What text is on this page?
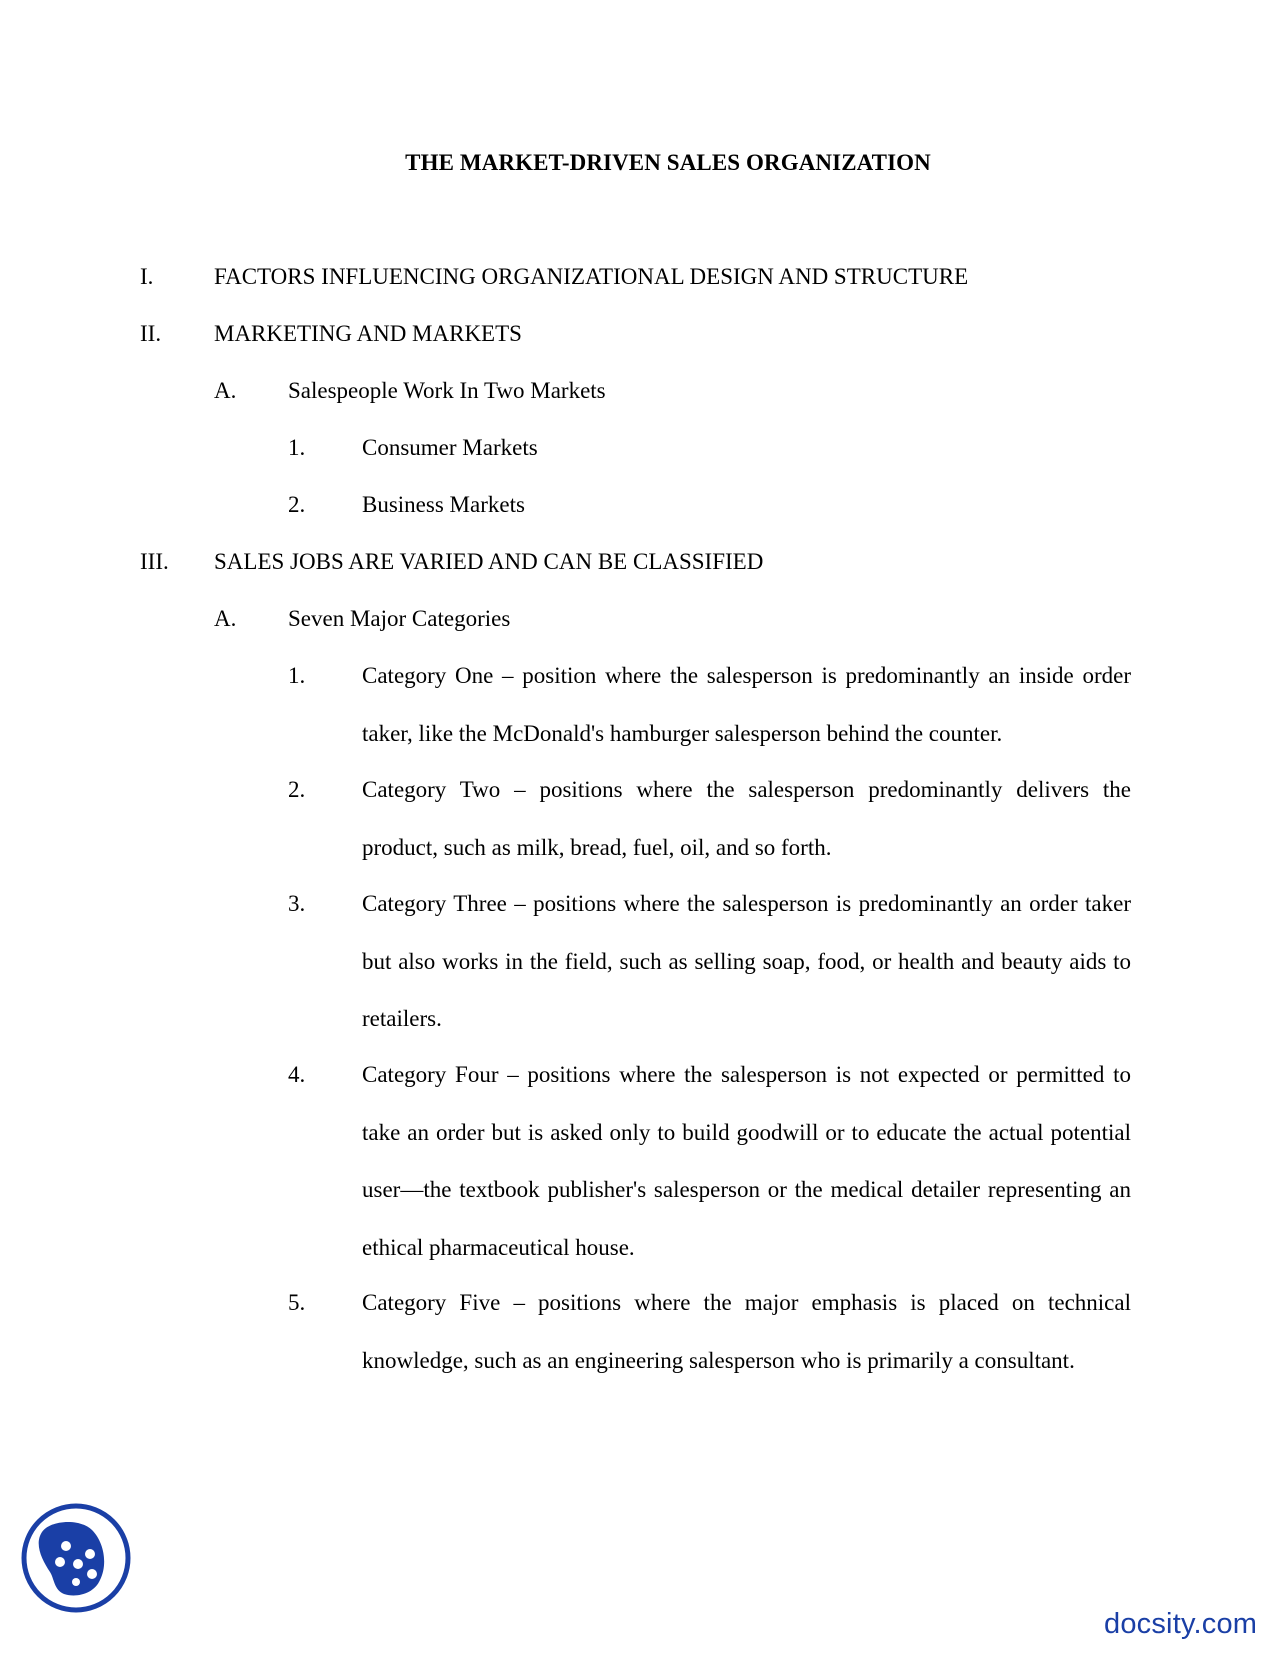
THE MARKET-DRIVEN SALES ORGANIZATION
I.	FACTORS INFLUENCING ORGANIZATIONAL DESIGN AND STRUCTURE
II. MARKETING AND MARKETS
A. Salespeople Work In Two Markets
1. Consumer Markets
2. Business Markets
III. SALES JOBS ARE VARIED AND CAN BE CLASSIFIED
A. Seven Major Categories
1. Category One – position where the salesperson is predominantly an inside order taker, like the McDonald's hamburger salesperson behind the counter.
2. Category Two – positions where the salesperson predominantly delivers the product, such as milk, bread, fuel, oil, and so forth.
3. Category Three – positions where the salesperson is predominantly an order taker but also works in the field, such as selling soap, food, or health and beauty aids to retailers.
4. Category Four – positions where the salesperson is not expected or permitted to take an order but is asked only to build goodwill or to educate the actual potential user—the textbook publisher's salesperson or the medical detailer representing an ethical pharmaceutical house.
5. Category Five – positions where the major emphasis is placed on technical knowledge, such as an engineering salesperson who is primarily a consultant.
docsity.com
